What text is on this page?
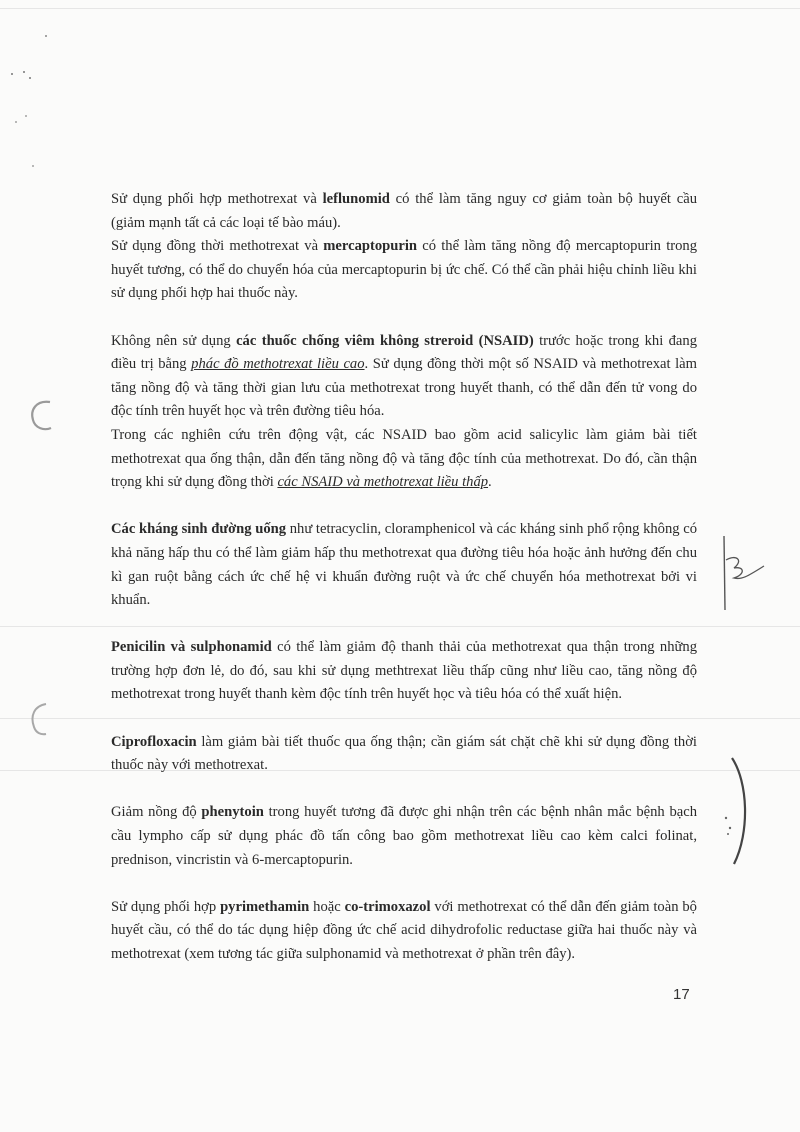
Sử dụng phối hợp methotrexat và leflunomid có thể làm tăng nguy cơ giảm toàn bộ huyết cầu (giảm mạnh tất cả các loại tế bào máu).

Sử dụng đồng thời methotrexat và mercaptopurin có thể làm tăng nồng độ mercaptopurin trong huyết tương, có thể do chuyển hóa của mercaptopurin bị ức chế. Có thể cần phải hiệu chỉnh liều khi sử dụng phối hợp hai thuốc này.

Không nên sử dụng các thuốc chống viêm không streroid (NSAID) trước hoặc trong khi đang điều trị bằng phác đồ methotrexat liều cao. Sử dụng đồng thời một số NSAID và methotrexat làm tăng nồng độ và tăng thời gian lưu của methotrexat trong huyết thanh, có thể dẫn đến tử vong do độc tính trên huyết học và trên đường tiêu hóa.

Trong các nghiên cứu trên động vật, các NSAID bao gồm acid salicylic làm giảm bài tiết methotrexat qua ống thận, dẫn đến tăng nồng độ và tăng độc tính của methotrexat. Do đó, cần thận trọng khi sử dụng đồng thời các NSAID và methotrexat liều thấp.

Các kháng sinh đường uống như tetracyclin, cloramphenicol và các kháng sinh phổ rộng không có khả năng hấp thu có thể làm giảm hấp thu methotrexat qua đường tiêu hóa hoặc ảnh hưởng đến chu kì gan ruột bằng cách ức chế hệ vi khuẩn đường ruột và ức chế chuyển hóa methotrexat bởi vi khuẩn.

Penicilin và sulphonamid có thể làm giảm độ thanh thải của methotrexat qua thận trong những trường hợp đơn lẻ, do đó, sau khi sử dụng methtrexat liều thấp cũng như liều cao, tăng nồng độ methotrexat trong huyết thanh kèm độc tính trên huyết học và tiêu hóa có thể xuất hiện.

Ciprofloxacin làm giảm bài tiết thuốc qua ống thận; cần giám sát chặt chẽ khi sử dụng đồng thời thuốc này với methotrexat.

Giảm nồng độ phenytoin trong huyết tương đã được ghi nhận trên các bệnh nhân mắc bệnh bạch cầu lympho cấp sử dụng phác đồ tấn công bao gồm methotrexat liều cao kèm calci folinat, prednison, vincristin và 6-mercaptopurin.

Sử dụng phối hợp pyrimethamin hoặc co-trimoxazol với methotrexat có thể dẫn đến giảm toàn bộ huyết cầu, có thể do tác dụng hiệp đồng ức chế acid dihydrofolic reductase giữa hai thuốc này và methotrexat (xem tương tác giữa sulphonamid và methotrexat ở phần trên đây).

17
